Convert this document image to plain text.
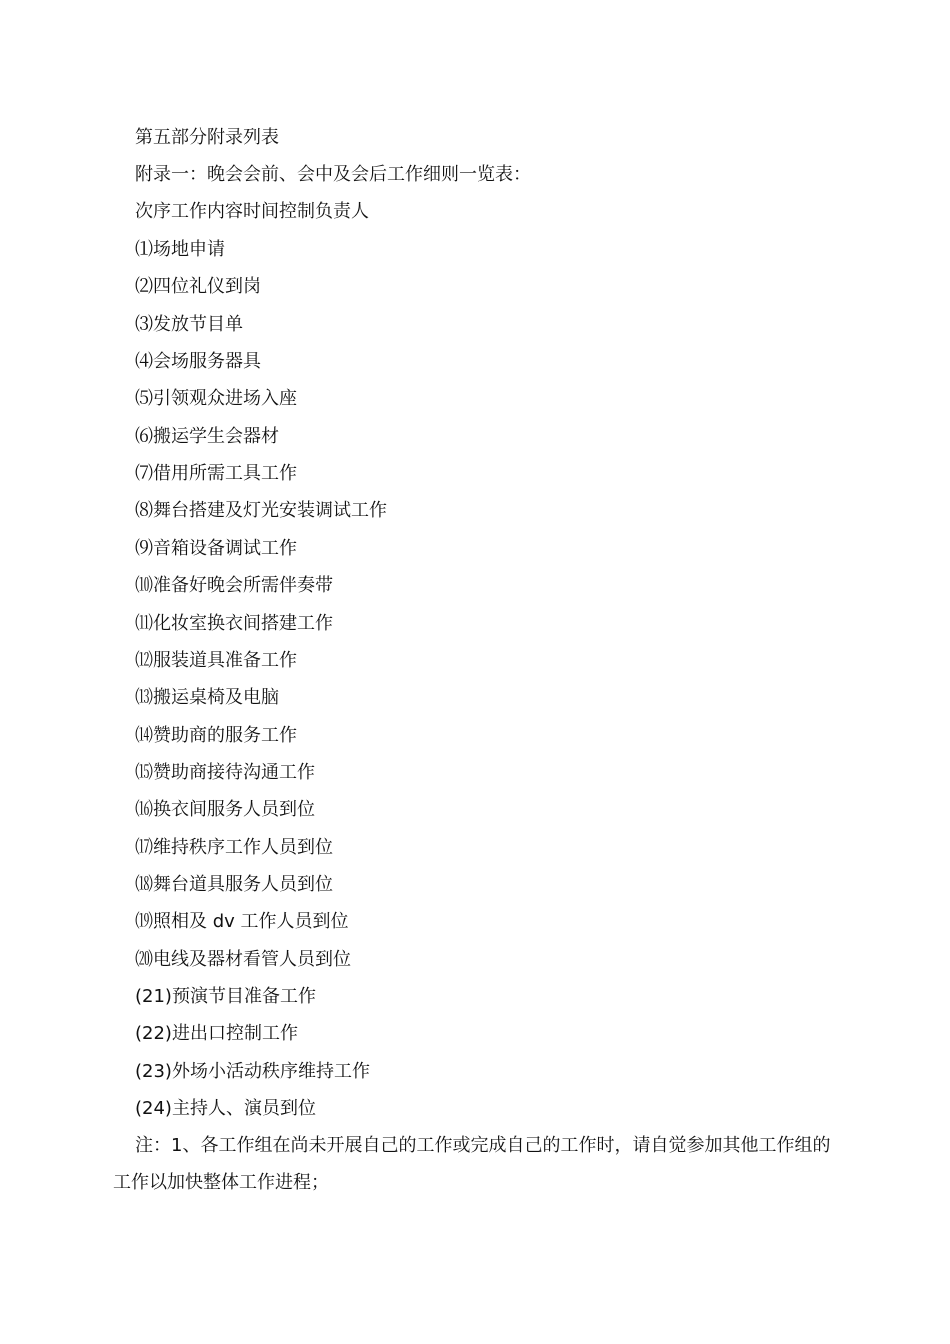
第五部分附录列表
附录一：晚会会前、会中及会后工作细则一览表：
次序工作内容时间控制负责人
⑴场地申请
⑵四位礼仪到岗
⑶发放节目单
⑷会场服务器具
⑸引领观众进场入座
⑹搬运学生会器材
⑺借用所需工具工作
⑻舞台搭建及灯光安装调试工作
⑼音箱设备调试工作
⑽准备好晚会所需伴奏带
⑾化妆室换衣间搭建工作
⑿服装道具准备工作
⒀搬运桌椅及电脑
⒁赞助商的服务工作
⒂赞助商接待沟通工作
⒃换衣间服务人员到位
⒄维持秩序工作人员到位
⒅舞台道具服务人员到位
⒆照相及 dv 工作人员到位
⒇电线及器材看管人员到位
(21)预演节目准备工作
(22)进出口控制工作
(23)外场小活动秩序维持工作
(24)主持人、演员到位
注：1、各工作组在尚未开展自己的工作或完成自己的工作时，请自觉参加其他工作组的工作以加快整体工作进程；
